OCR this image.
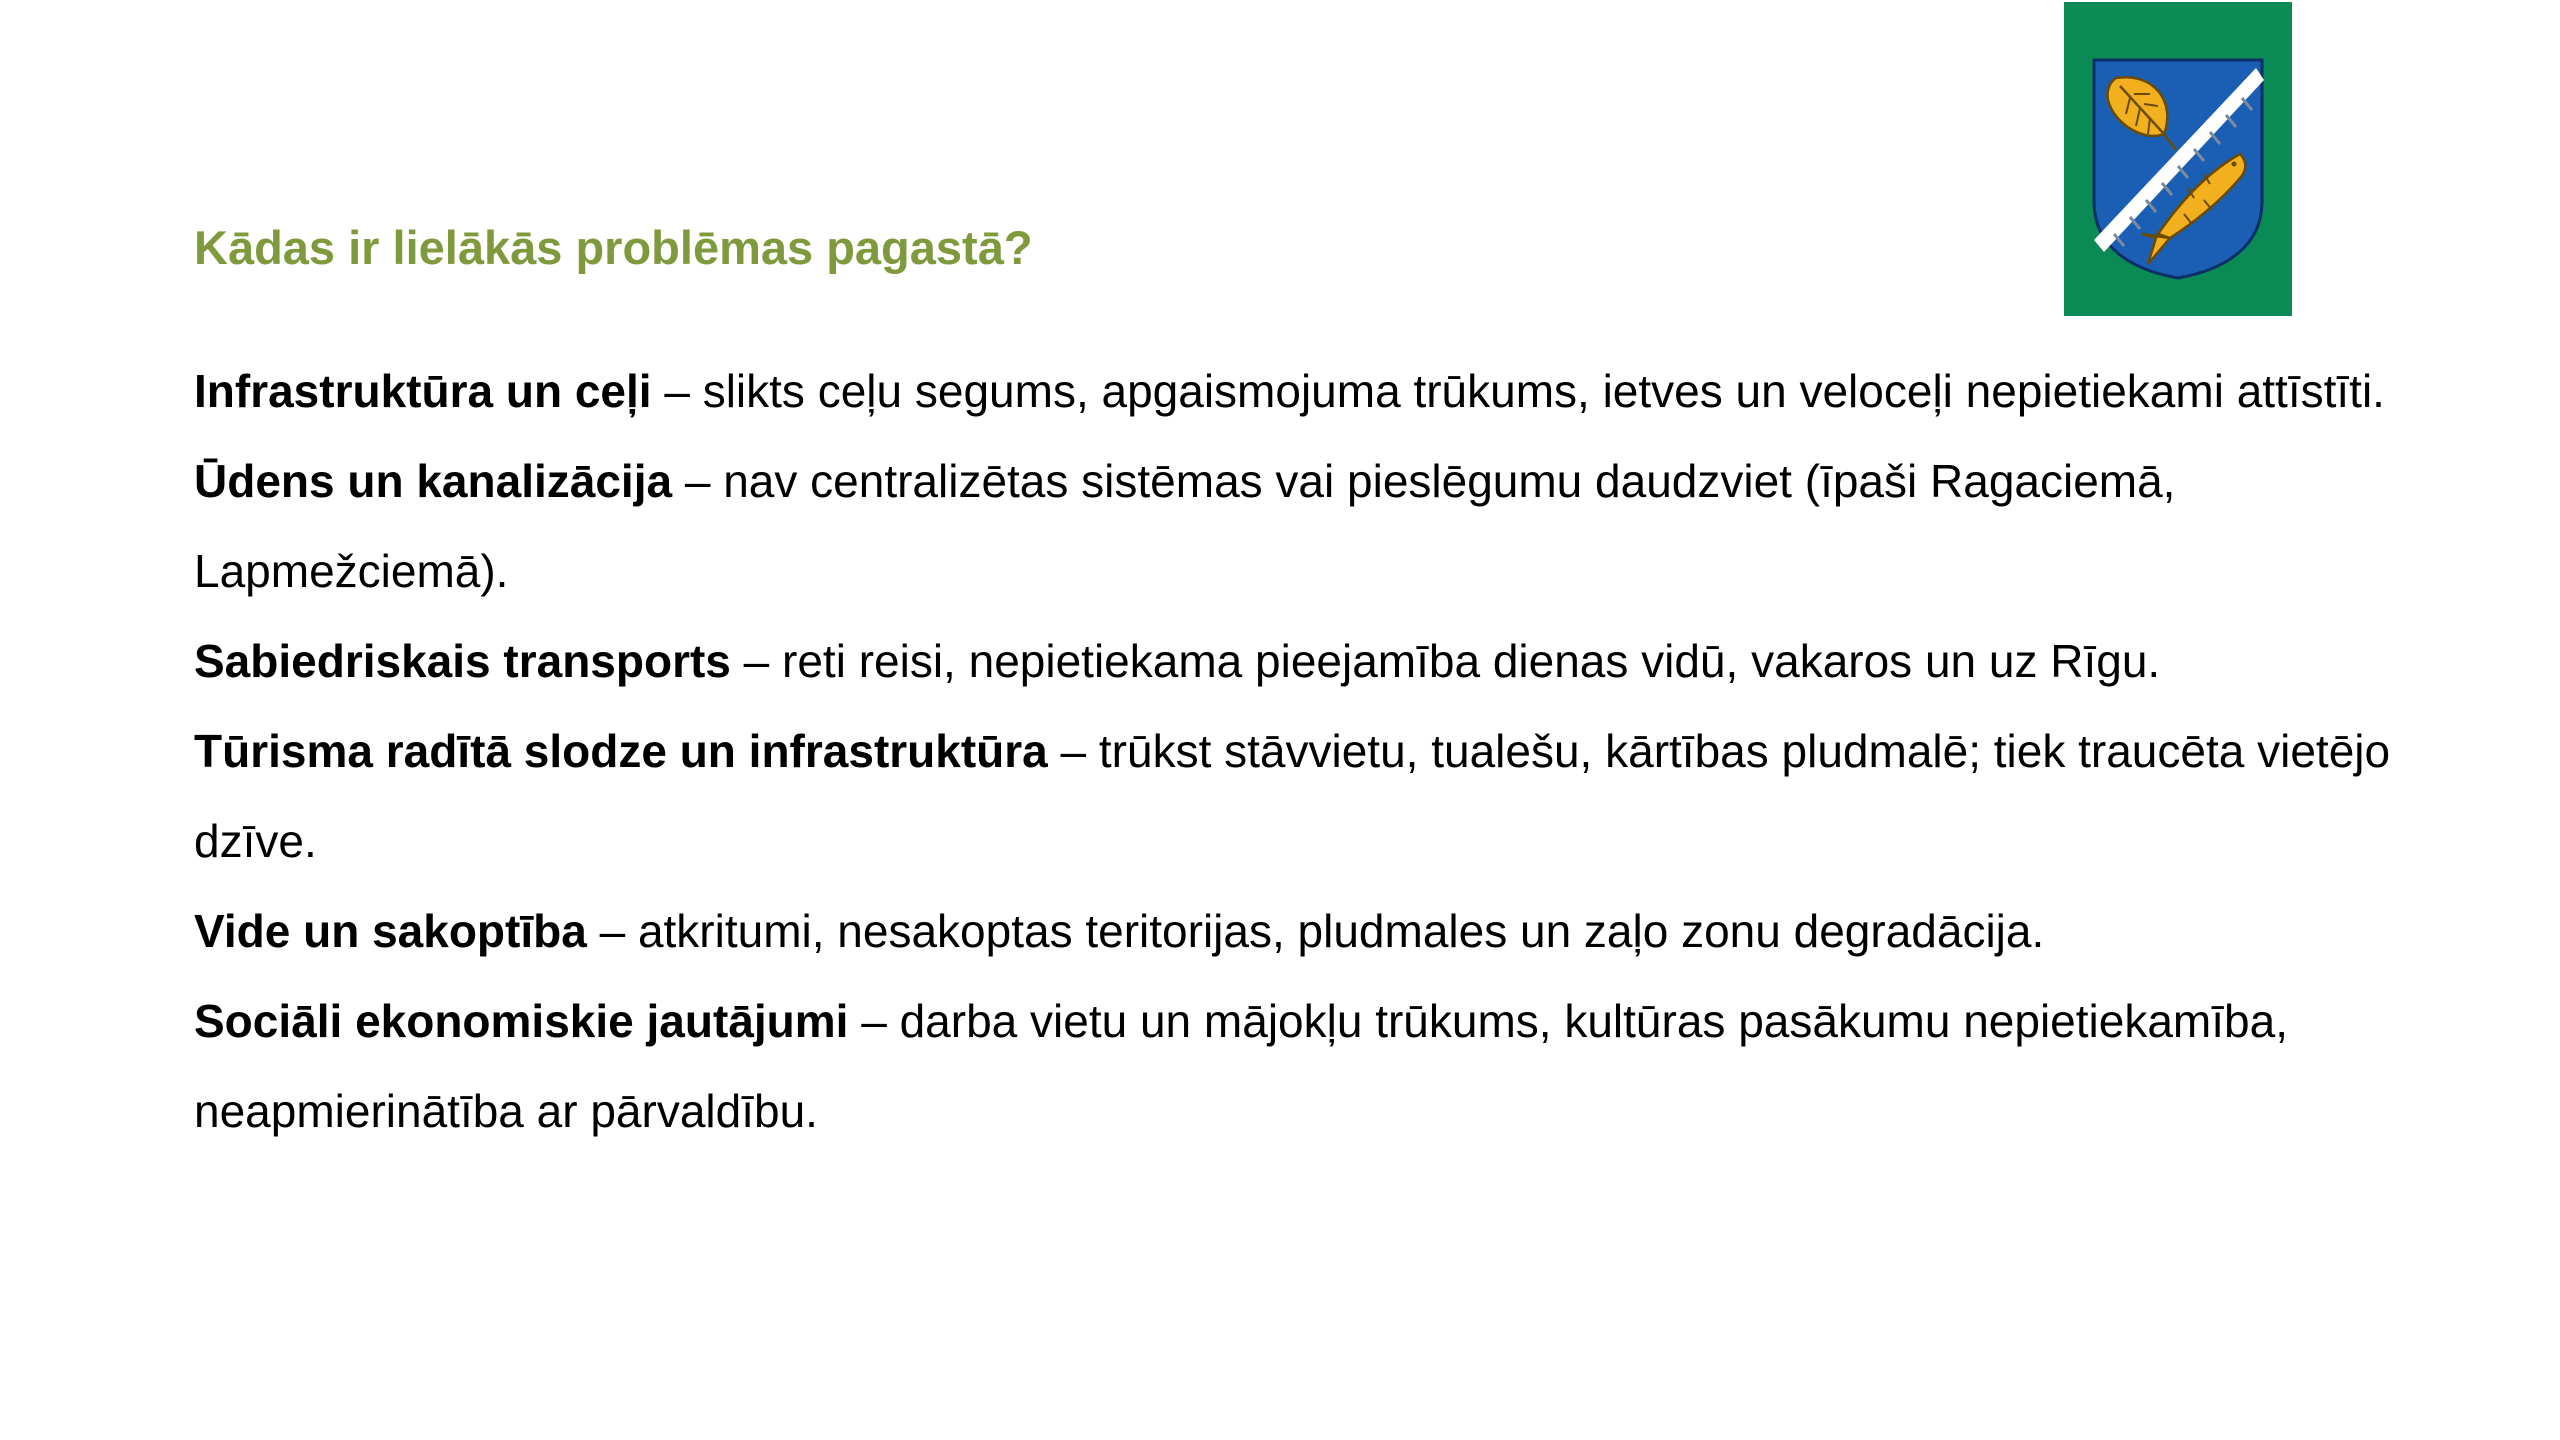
Kādas ir lielākās problēmas pagastā?

Infrastruktūra un ceļi – slikts ceļu segums, apgaismojuma trūkums, ietves un veloceļi nepietiekami attīstīti.

Ūdens un kanalizācija – nav centralizētas sistēmas vai pieslēgumu daudzviet (īpaši Ragaciemā, Lapmežciemā).

Sabiedriskais transports – reti reisi, nepietiekama pieejamība dienas vidū, vakaros un uz Rīgu.

Tūrisma radītā slodze un infrastruktūra – trūkst stāvvietu, tualešu, kārtības pludmalē; tiek traucēta vietējo dzīve.

Vide un sakoptība – atkritumi, nesakoptas teritorijas, pludmales un zaļo zonu degradācija.

Sociāli ekonomiskie jautājumi – darba vietu un mājokļu trūkums, kultūras pasākumu nepietiekamība, neapmierinātība ar pārvaldību.
